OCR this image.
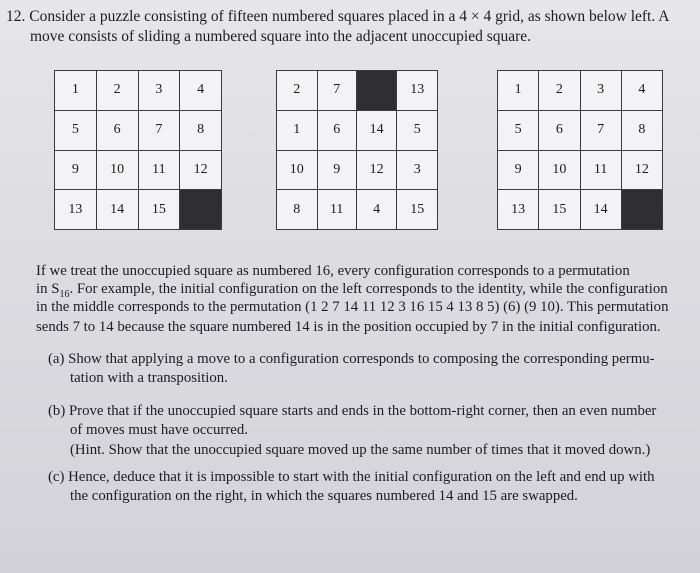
12. Consider a puzzle consisting of fifteen numbered squares placed in a 4 × 4 grid, as shown below left. A
move consists of sliding a numbered square into the adjacent unoccupied square.
1	2	3	4
5	6	7	8
9	10	11	12
13	14	15	
2	7		13
1	6	14	5
10	9	12	3
8	11	4	15
1	2	3	4
5	6	7	8
9	10	11	12
13	15	14	
If we treat the unoccupied square as numbered 16, every configuration corresponds to a permutation
in $S_{16}$. For example, the initial configuration on the left corresponds to the identity, while the configuration
in the middle corresponds to the permutation (1 2 7 14 11 12 3 16 15 4 13 8 5) (6) (9 10). This permutation
sends 7 to 14 because the square numbered 14 is in the position occupied by 7 in the initial configuration.
(a) Show that applying a move to a configuration corresponds to composing the corresponding permu-
tation with a transposition.
(b) Prove that if the unoccupied square starts and ends in the bottom-right corner, then an even number
of moves must have occurred.
(Hint. Show that the unoccupied square moved up the same number of times that it moved down.)
(c) Hence, deduce that it is impossible to start with the initial configuration on the left and end up with
the configuration on the right, in which the squares numbered 14 and 15 are swapped.
